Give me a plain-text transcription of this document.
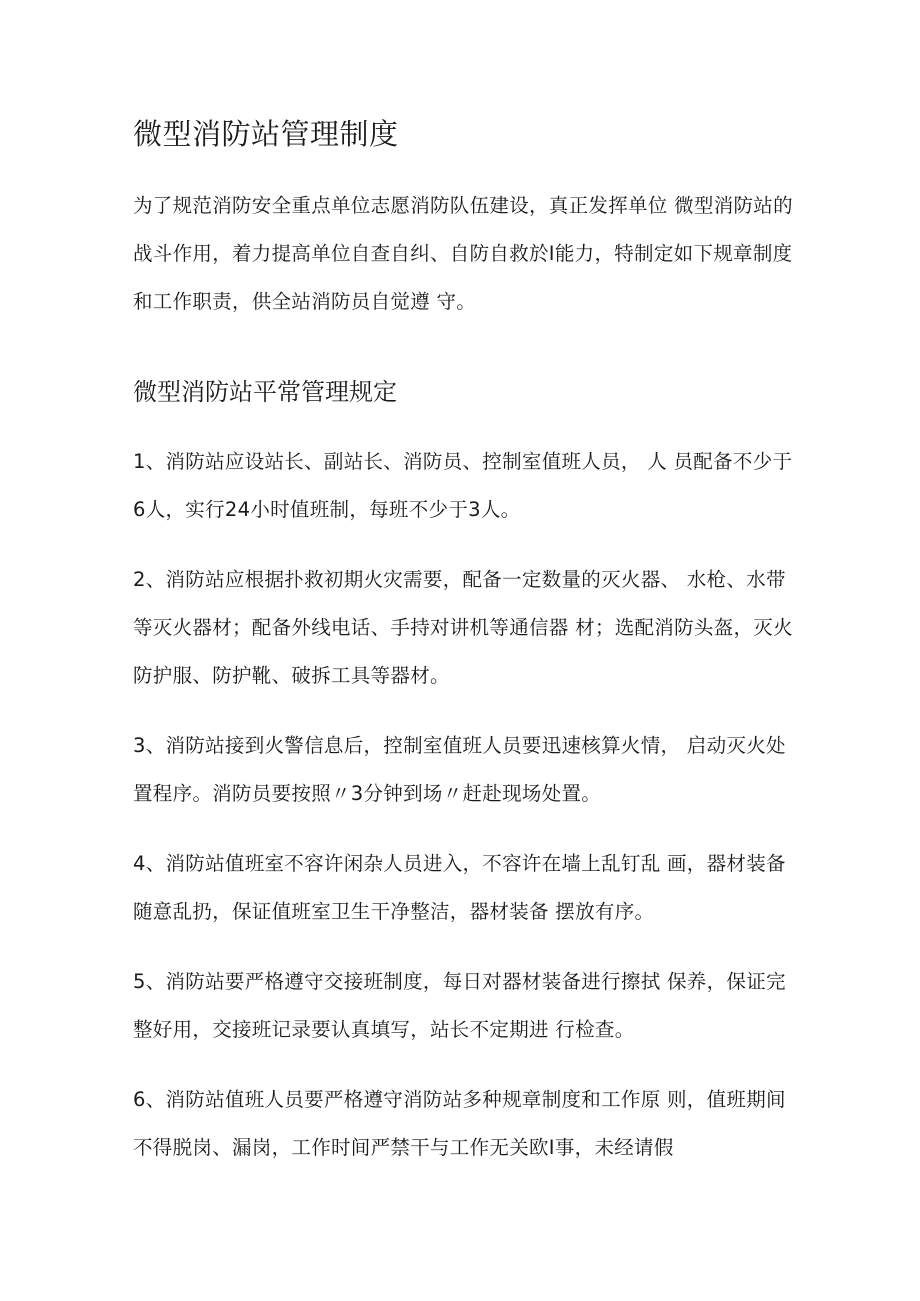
微型消防站管理制度

为了规范消防安全重点单位志愿消防队伍建设，真正发挥单位 微型消防站的战斗作用，着力提高单位自查自纠、自防自救於I能力，特制定如下规章制度和工作职责，供全站消防员自觉遵 守。

微型消防站平常管理规定

1、消防站应设站长、副站长、消防员、控制室值班人员， 人 员配备不少于6人，实行24小时值班制，每班不少于3人。

2、消防站应根据扑救初期火灾需要，配备一定数量的灭火器、 水枪、水带等灭火器材；配备外线电话、手持对讲机等通信器 材；选配消防头盔，灭火防护服、防护靴、破拆工具等器材。

3、消防站接到火警信息后，控制室值班人员要迅速核算火情， 启动灭火处置程序。消防员要按照〃3分钟到场〃赶赴现场处置。

4、消防站值班室不容许闲杂人员进入，不容许在墙上乱钉乱 画，器材装备随意乱扔，保证值班室卫生干净整洁，器材装备 摆放有序。

5、消防站要严格遵守交接班制度，每日对器材装备进行擦拭 保养，保证完整好用，交接班记录要认真填写，站长不定期进 行检查。

6、消防站值班人员要严格遵守消防站多种规章制度和工作原 则，值班期间不得脱岗、漏岗，工作时间严禁干与工作无关欧I事，未经请假
